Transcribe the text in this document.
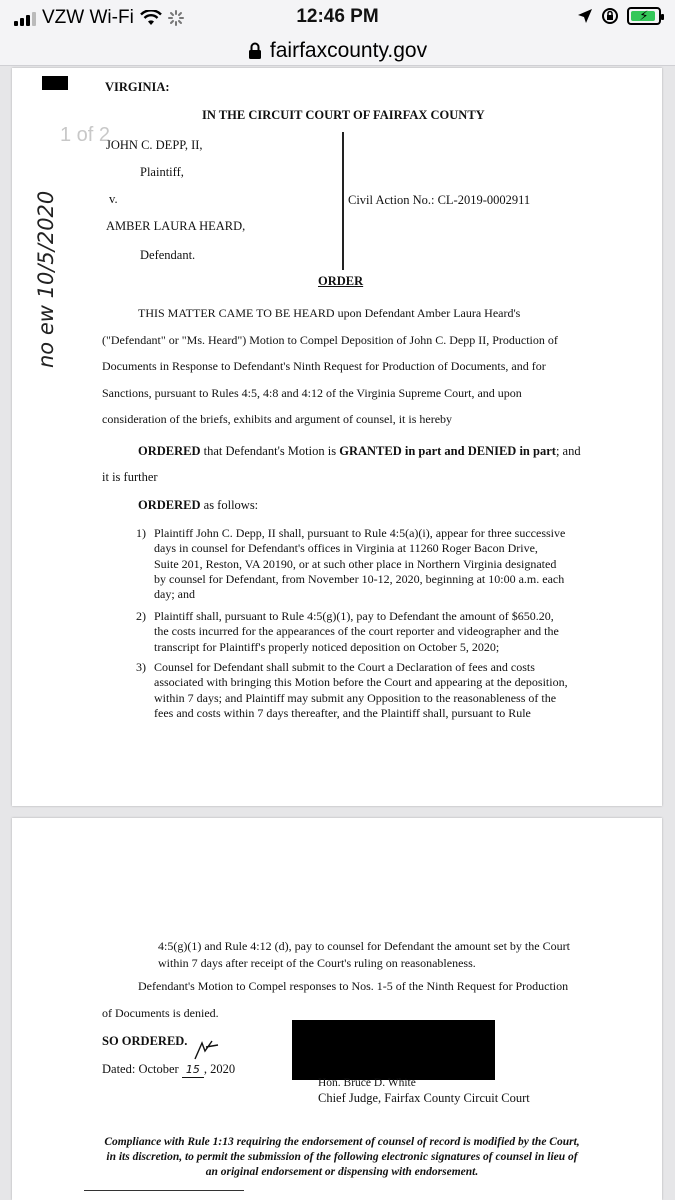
VZW Wi-Fi	12:46 PM	⚡
fairfaxcounty.gov
1 of 2
no ew 10/5/2020
VIRGINIA:
IN THE CIRCUIT COURT OF FAIRFAX COUNTY
JOHN C. DEPP, II,
Plaintiff,
v.	Civil Action No.: CL-2019-0002911
AMBER LAURA HEARD,
Defendant.
ORDER
THIS MATTER CAME TO BE HEARD upon Defendant Amber Laura Heard's
("Defendant" or "Ms. Heard") Motion to Compel Deposition of John C. Depp II, Production of
Documents in Response to Defendant's Ninth Request for Production of Documents, and for
Sanctions, pursuant to Rules 4:5, 4:8 and 4:12 of the Virginia Supreme Court, and upon
consideration of the briefs, exhibits and argument of counsel, it is hereby
ORDERED that Defendant's Motion is GRANTED in part and DENIED in part; and
it is further
ORDERED as follows:
1) Plaintiff John C. Depp, II shall, pursuant to Rule 4:5(a)(i), appear for three successive
days in counsel for Defendant's offices in Virginia at 11260 Roger Bacon Drive,
Suite 201, Reston, VA 20190, or at such other place in Northern Virginia designated
by counsel for Defendant, from November 10-12, 2020, beginning at 10:00 a.m. each
day; and
2) Plaintiff shall, pursuant to Rule 4:5(g)(1), pay to Defendant the amount of $650.20,
the costs incurred for the appearances of the court reporter and videographer and the
transcript for Plaintiff's properly noticed deposition on October 5, 2020;
3) Counsel for Defendant shall submit to the Court a Declaration of fees and costs
associated with bringing this Motion before the Court and appearing at the deposition,
within 7 days; and Plaintiff may submit any Opposition to the reasonableness of the
fees and costs within 7 days thereafter, and the Plaintiff shall, pursuant to Rule
4:5(g)(1) and Rule 4:12 (d), pay to counsel for Defendant the amount set by the Court
within 7 days after receipt of the Court's ruling on reasonableness.
Defendant's Motion to Compel responses to Nos. 1-5 of the Ninth Request for Production
of Documents is denied.
SO ORDERED.
Dated: October 15 , 2020
Hon. Bruce D. White
Chief Judge, Fairfax County Circuit Court
Compliance with Rule 1:13 requiring the endorsement of counsel of record is modified by the Court, in its discretion, to permit the submission of the following electronic signatures of counsel in lieu of an original endorsement or dispensing with endorsement.
